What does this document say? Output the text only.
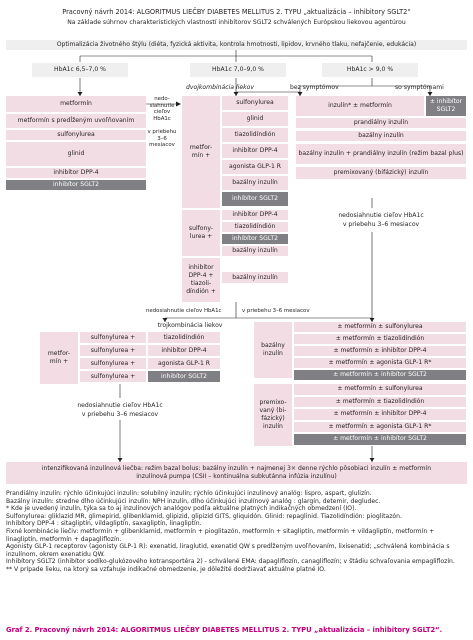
Pracovný návrh 2014: ALGORITMUS LIEČBY DIABETES MELLITUS 2. TYPU „aktualizácia – inhibitory SGLT2“
Na základe súhrnov charakteristických vlastností inhibítorov SGLT2 schválených Európskou liekovou agentúrou
Optimalizácia životného štýlu (diéta, fyzická aktivita, kontrola hmotnosti, lipidov, krvného tlaku, nefajčenie, edukácia)
HbA1c 6,5–7,0 %	HbA1c 7,0–9,0 %	HbA1c > 9,0 %
dvojkombinácia liekov	bez symptómov	so symptómami
metformín
metformín s predĺženým uvoľňovaním
sulfonylurea
glinid
inhibítor DPP-4
inhibítor SGLT2
nedo-
siahnutie
cieľov HbA1c

v priebehu
3–6
mesiacov	metfor-
mín +
sulfonylurea
glinid
tiazolidíndión
inhibítor DPP-4
agonista GLP-1 R
bazálny inzulín
inhibítor SGLT2
sulfony-
lurea +
inhibítor DPP-4
tiazolidíndión
inhibítor SGLT2
bazálny inzulín
inhibítor
DPP-4 +
tiazoli-
díndión +
bazálny inzulín
inzulín* ± metformín
± inhibítor SGLT2
prandiálny inzulín
bazálny inzulín
bazálny inzulín + prandiálny inzulín (režim bazal plus)
premixovaný (bifázický) inzulín
nedosiahnutie cieľov HbA1c
v priebehu 3–6 mesiacov
nedosiahnutie cieľov HbA1c	v priebehu 3–6 mesiacov
trojkombinácia liekov
metfor-
mín +
sulfonylurea +
sulfonylurea +
sulfonylurea +
sulfonylurea +
tiazolidíndión
inhibítor DPP-4
agonista GLP-1 R
inhibítor SGLT2
nedosiahnutie cieľov HbA1c
v priebehu 3–6 mesiacov
bazálny
inzulín
± metformín ± sulfonylurea
± metformín ± tiazolidíndión
± metformín ± inhibítor DPP-4
± metformín ± agonista GLP-1 R*
± metformín ± inhibítor SGLT2
premixo-
vaný (bi-
fázický)
inzulín
± metformín ± sulfonylurea
± metformín ± tiazolidíndión
± metformín ± inhibítor DPP-4
± metformín ± agonista GLP-1 R*
± metformín ± inhibítor SGLT2
intenzifikovaná inzulínová liečba: režim bazal bolus: bazálny inzulín + najmenej 3× denne rýchlo pôsobiaci inzulín ± metformín
inzulínová pumpa (CSII – kontinuálna subkutánna infúzia inzulínu)
Prandiálny inzulín: rýchlo účinkujúci inzulín: solubilný inzulín; rýchlo účinkujúci inzulínový analóg: lispro, aspart, glulizín.
Bazálny inzulín: stredne dlho účinkujúci inzulín: NPH inzulín, dlho účinkujúci inzulínový analóg : glargín, detemir, degludec.
* Kde je uvedený inzulín, týka sa to aj inzulínových analógov podľa aktuálne platných indikačných obmedzení (IO).
Sulfonylurea: gliklazid MR, glimepirid, glibenklamid, glipizid, glipizid GITS, gliquidón. Glinid: repaglinid. Tiazolidíndión: pioglitazón.
Inhibítory DPP-4 : sitagliptín, vildagliptín, saxagliptín, linagliptín.
Fixné kombinácie liečiv: metformín + glibenklamid, metformín + pioglitazón, metformín + sitagliptín, metformín + vildagliptín, metformín + linagliptín, metformín + dapagliflozín.
Agonisty GLP-1 receptorov (agonisty GLP-1 R): exenatid, liraglutid, exenatid QW s predĺženým uvoľňovaním, lixisenatid; „schválená kombinácia s inzulínom, okrem exenatidu QW.
Inhibítory SGLT2 (inhibítor sodíko-glukózového kotransportéra 2) - schválené EMA: dapagliflozín, canagliflozín; v štádiu schvaľovania empagliflozín.
** V prípade lieku, na ktorý sa vzťahuje indikačné obmedzenie, je dôležité dodržiavať aktuálne platné IO.
Graf 2. Pracovný návrh 2014: ALGORITMUS LIEČBY DIABETES MELLITUS 2. TYPU „aktualizácia – inhibitory SGLT2“.
